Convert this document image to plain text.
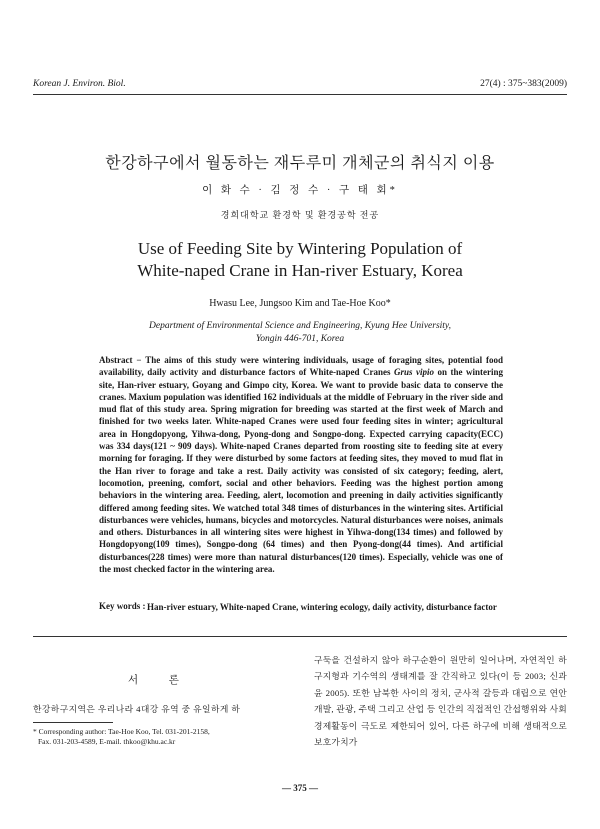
Korean J. Environ. Biol.	27(4) : 375~383(2009)
한강하구에서 월동하는 재두루미 개체군의 취식지 이용
이 화 수 · 김 정 수 · 구 태 회*
경희대학교 환경학 및 환경공학 전공
Use of Feeding Site by Wintering Population of
White-naped Crane in Han-river Estuary, Korea
Hwasu Lee, Jungsoo Kim and Tae-Hoe Koo*
Department of Environmental Science and Engineering, Kyung Hee University,
Yongin 446-701, Korea
Abstract − The aims of this study were wintering individuals, usage of foraging sites, potential food availability, daily activity and disturbance factors of White-naped Cranes Grus vipio on the wintering site, Han-river estuary, Goyang and Gimpo city, Korea. We want to provide basic data to conserve the cranes. Maxium population was identified 162 individuals at the middle of February in the river side and mud flat of this study area. Spring migration for breeding was started at the first week of March and finished for two weeks later. White-naped Cranes were used four feeding sites in winter; agricultural area in Hongdopyong, Yihwa-dong, Pyong-dong and Songpo-dong. Expected carrying capacity(ECC) was 334 days(121 ~ 909 days). White-naped Cranes departed from roosting site to feeding site at every morning for foraging. If they were disturbed by some factors at feeding sites, they moved to mud flat in the Han river to forage and take a rest. Daily activity was consisted of six category; feeding, alert, locomotion, preening, comfort, social and other behaviors. Feeding was the highest portion among behaviors in the wintering area. Feeding, alert, locomotion and preening in daily activities significantly differed among feeding sites. We watched total 348 times of disturbances in the wintering sites. Artificial disturbances were vehicles, humans, bicycles and motorcycles. Natural disturbances were noises, animals and others. Disturbances in all wintering sites were highest in Yihwa-dong(134 times) and followed by Hongdopyong(109 times), Songpo-dong (64 times) and then Pyong-dong(44 times). And artificial disturbances(228 times) were more than natural disturbances(120 times). Especially, vehicle was one of the most checked factor in the wintering area.
Key words : Han-river estuary, White-naped Crane, wintering ecology, daily activity, disturbance factor
서 론
한강하구지역은 우리나라 4대강 유역 중 유일하게 하
* Corresponding author: Tae-Hoe Koo, Tel. 031-201-2158,
Fax. 031-203-4589, E-mail. thkoo@khu.ac.kr
구둑을 건설하지 않아 하구순환이 원만히 일어나며, 자연적인 하구지형과 기수역의 생태계를 잘 간직하고 있다(이 등 2003; 신과 윤 2005). 또한 남북한 사이의 정치, 군사적 갈등과 대립으로 연안개발, 관광, 주택 그리고 산업 등 인간의 직접적인 간섭행위와 사회경제활동이 극도로 제한되어 있어, 다른 하구에 비해 생태적으로 보호가치가
— 375 —
